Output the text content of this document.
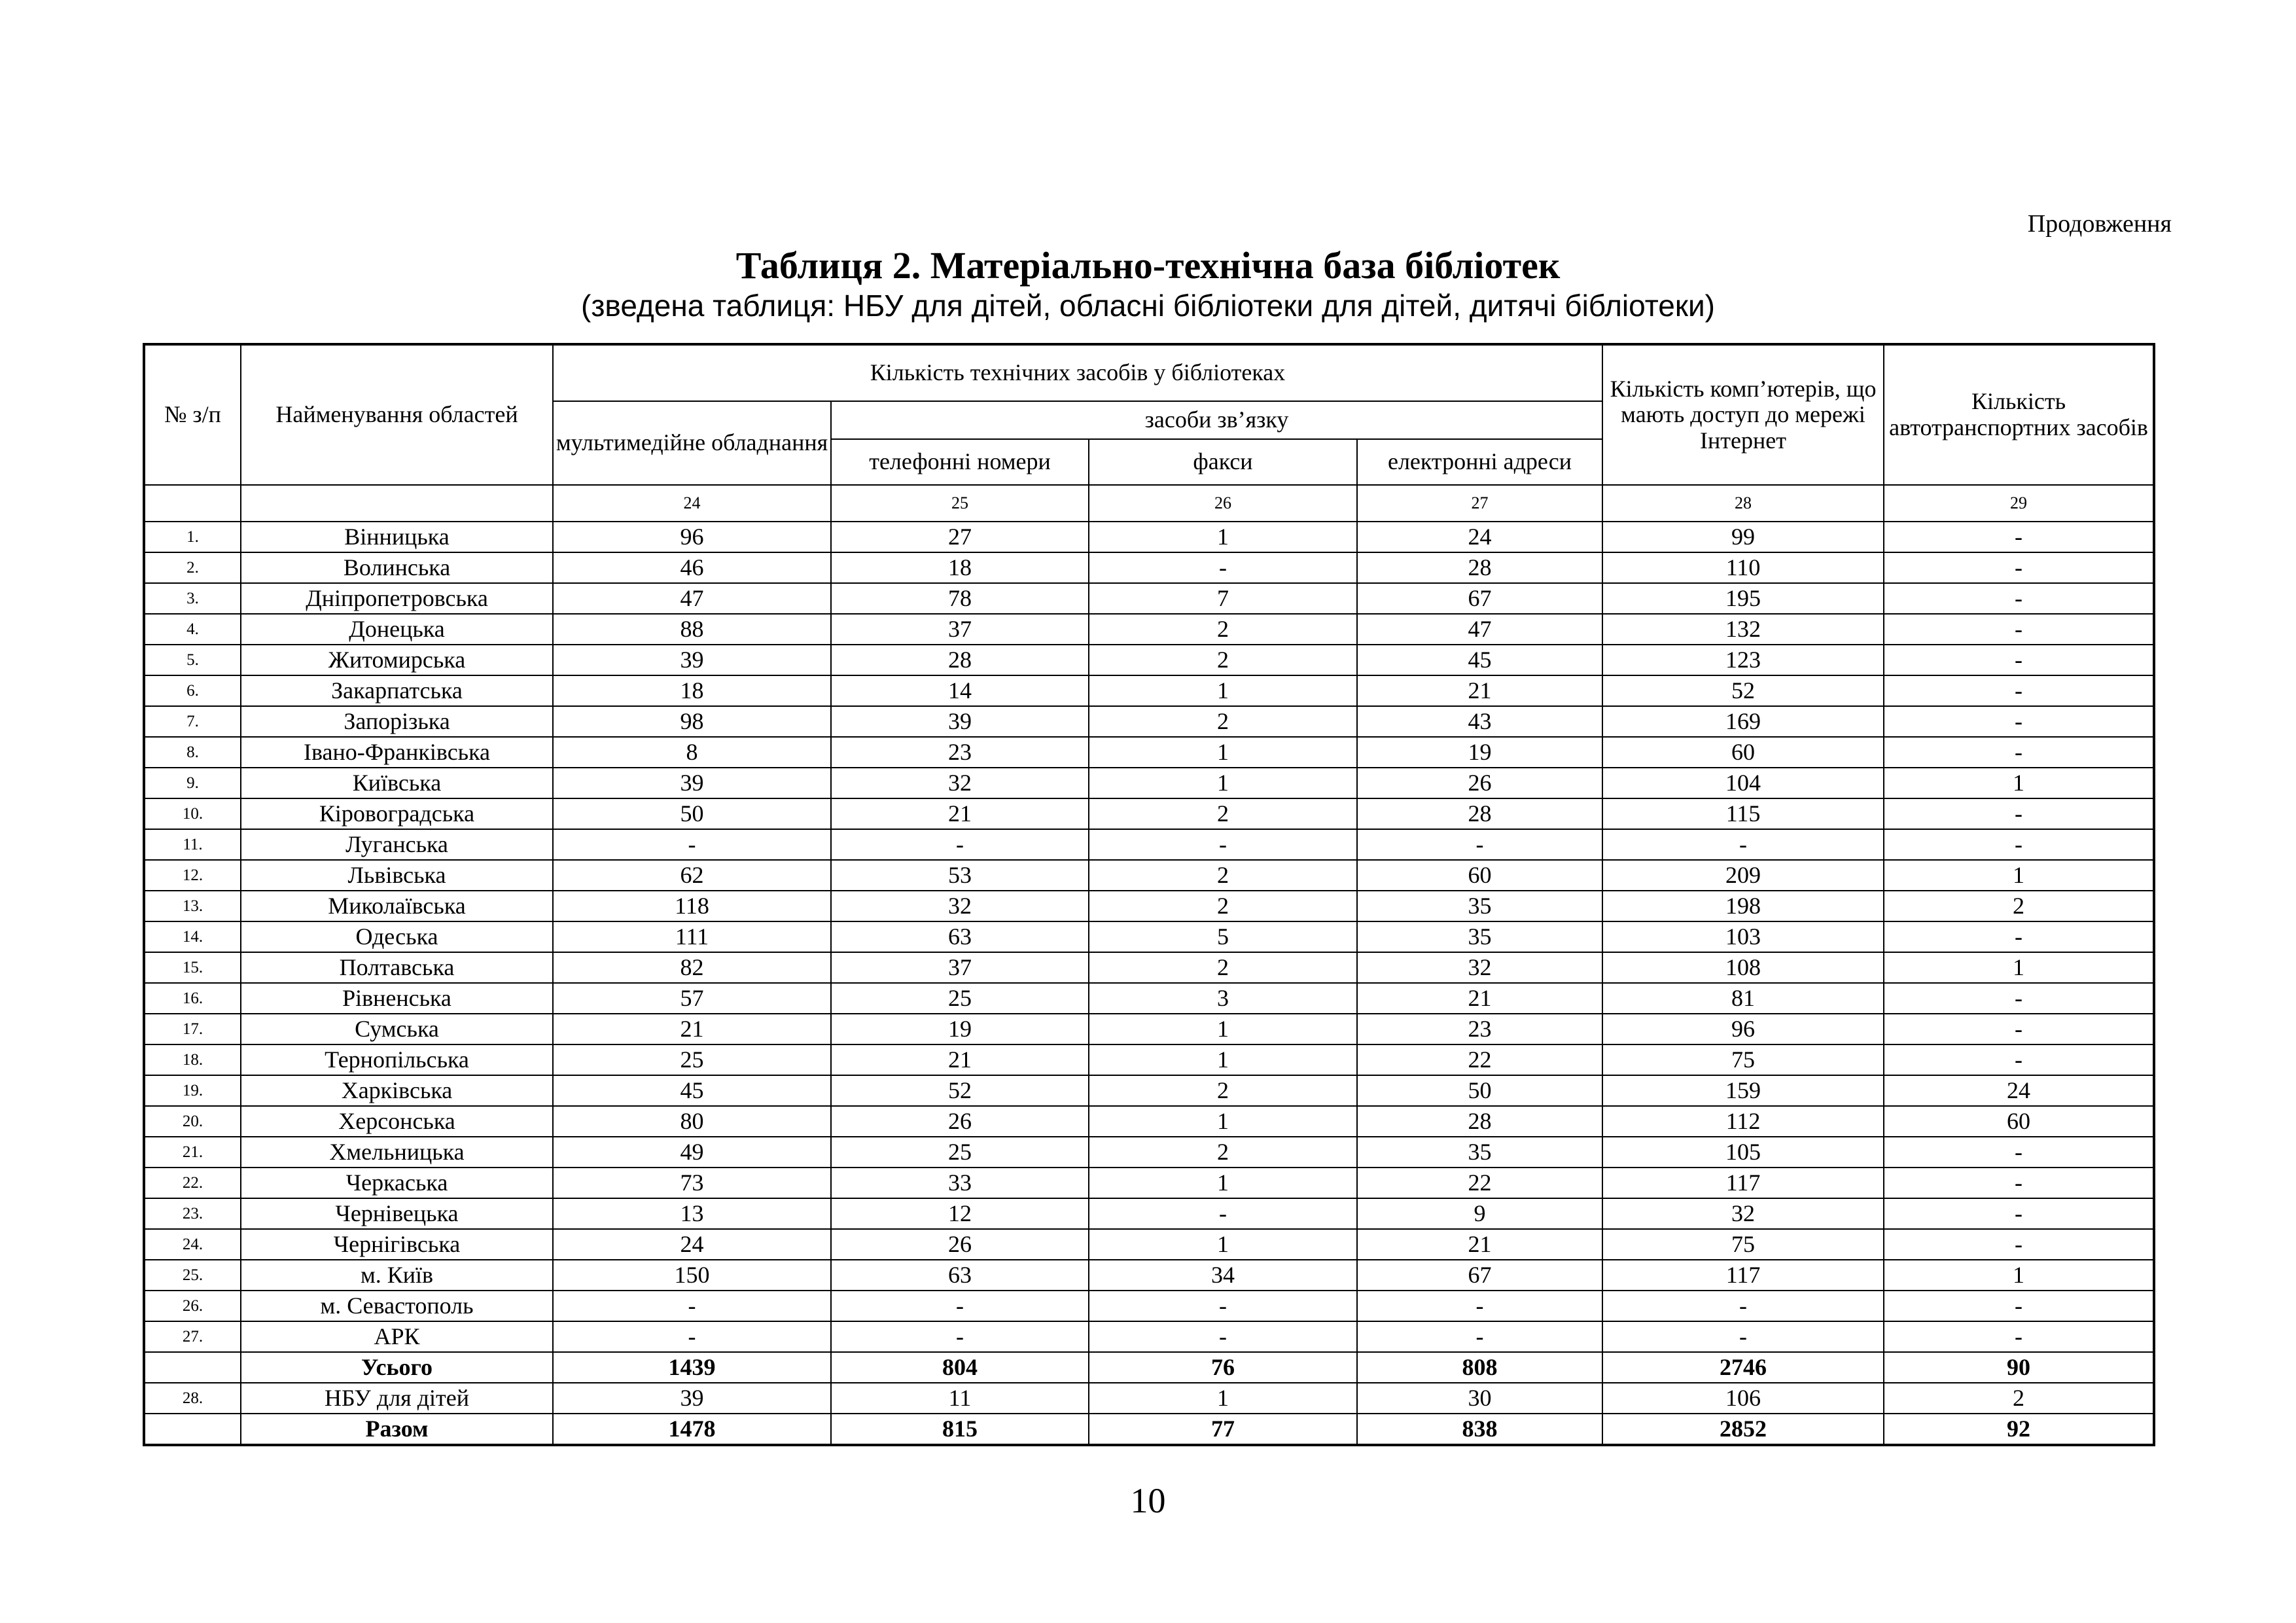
Продовження
Таблиця 2. Матеріально-технічна база бібліотек
(зведена таблиця: НБУ для дітей, обласні бібліотеки для дітей, дитячі бібліотеки)
№ з/п	Найменування областей	Кількість технічних засобів у бібліотеках				Кількість комп’ютерів, що мають доступ до мережі Інтернет	Кількість автотранспортних засобів
		мультимедійне обладнання	засоби зв’язку				
			телефонні номери	факси	електронні адреси		
		24	25	26	27	28	29
1.	Вінницька	96	27	1	24	99	-
2.	Волинська	46	18	-	28	110	-
3.	Дніпропетровська	47	78	7	67	195	-
4.	Донецька	88	37	2	47	132	-
5.	Житомирська	39	28	2	45	123	-
6.	Закарпатська	18	14	1	21	52	-
7.	Запорізька	98	39	2	43	169	-
8.	Івано-Франківська	8	23	1	19	60	-
9.	Київська	39	32	1	26	104	1
10.	Кіровоградська	50	21	2	28	115	-
11.	Луганська	-	-	-	-	-	-
12.	Львівська	62	53	2	60	209	1
13.	Миколаївська	118	32	2	35	198	2
14.	Одеська	111	63	5	35	103	-
15.	Полтавська	82	37	2	32	108	1
16.	Рівненська	57	25	3	21	81	-
17.	Сумська	21	19	1	23	96	-
18.	Тернопільська	25	21	1	22	75	-
19.	Харківська	45	52	2	50	159	24
20.	Херсонська	80	26	1	28	112	60
21.	Хмельницька	49	25	2	35	105	-
22.	Черкаська	73	33	1	22	117	-
23.	Чернівецька	13	12	-	9	32	-
24.	Чернігівська	24	26	1	21	75	-
25.	м. Київ	150	63	34	67	117	1
26.	м. Севастополь	-	-	-	-	-	-
27.	АРК	-	-	-	-	-	-
	Усього	1439	804	76	808	2746	90
28.	НБУ для дітей	39	11	1	30	106	2
	Разом	1478	815	77	838	2852	92
10
